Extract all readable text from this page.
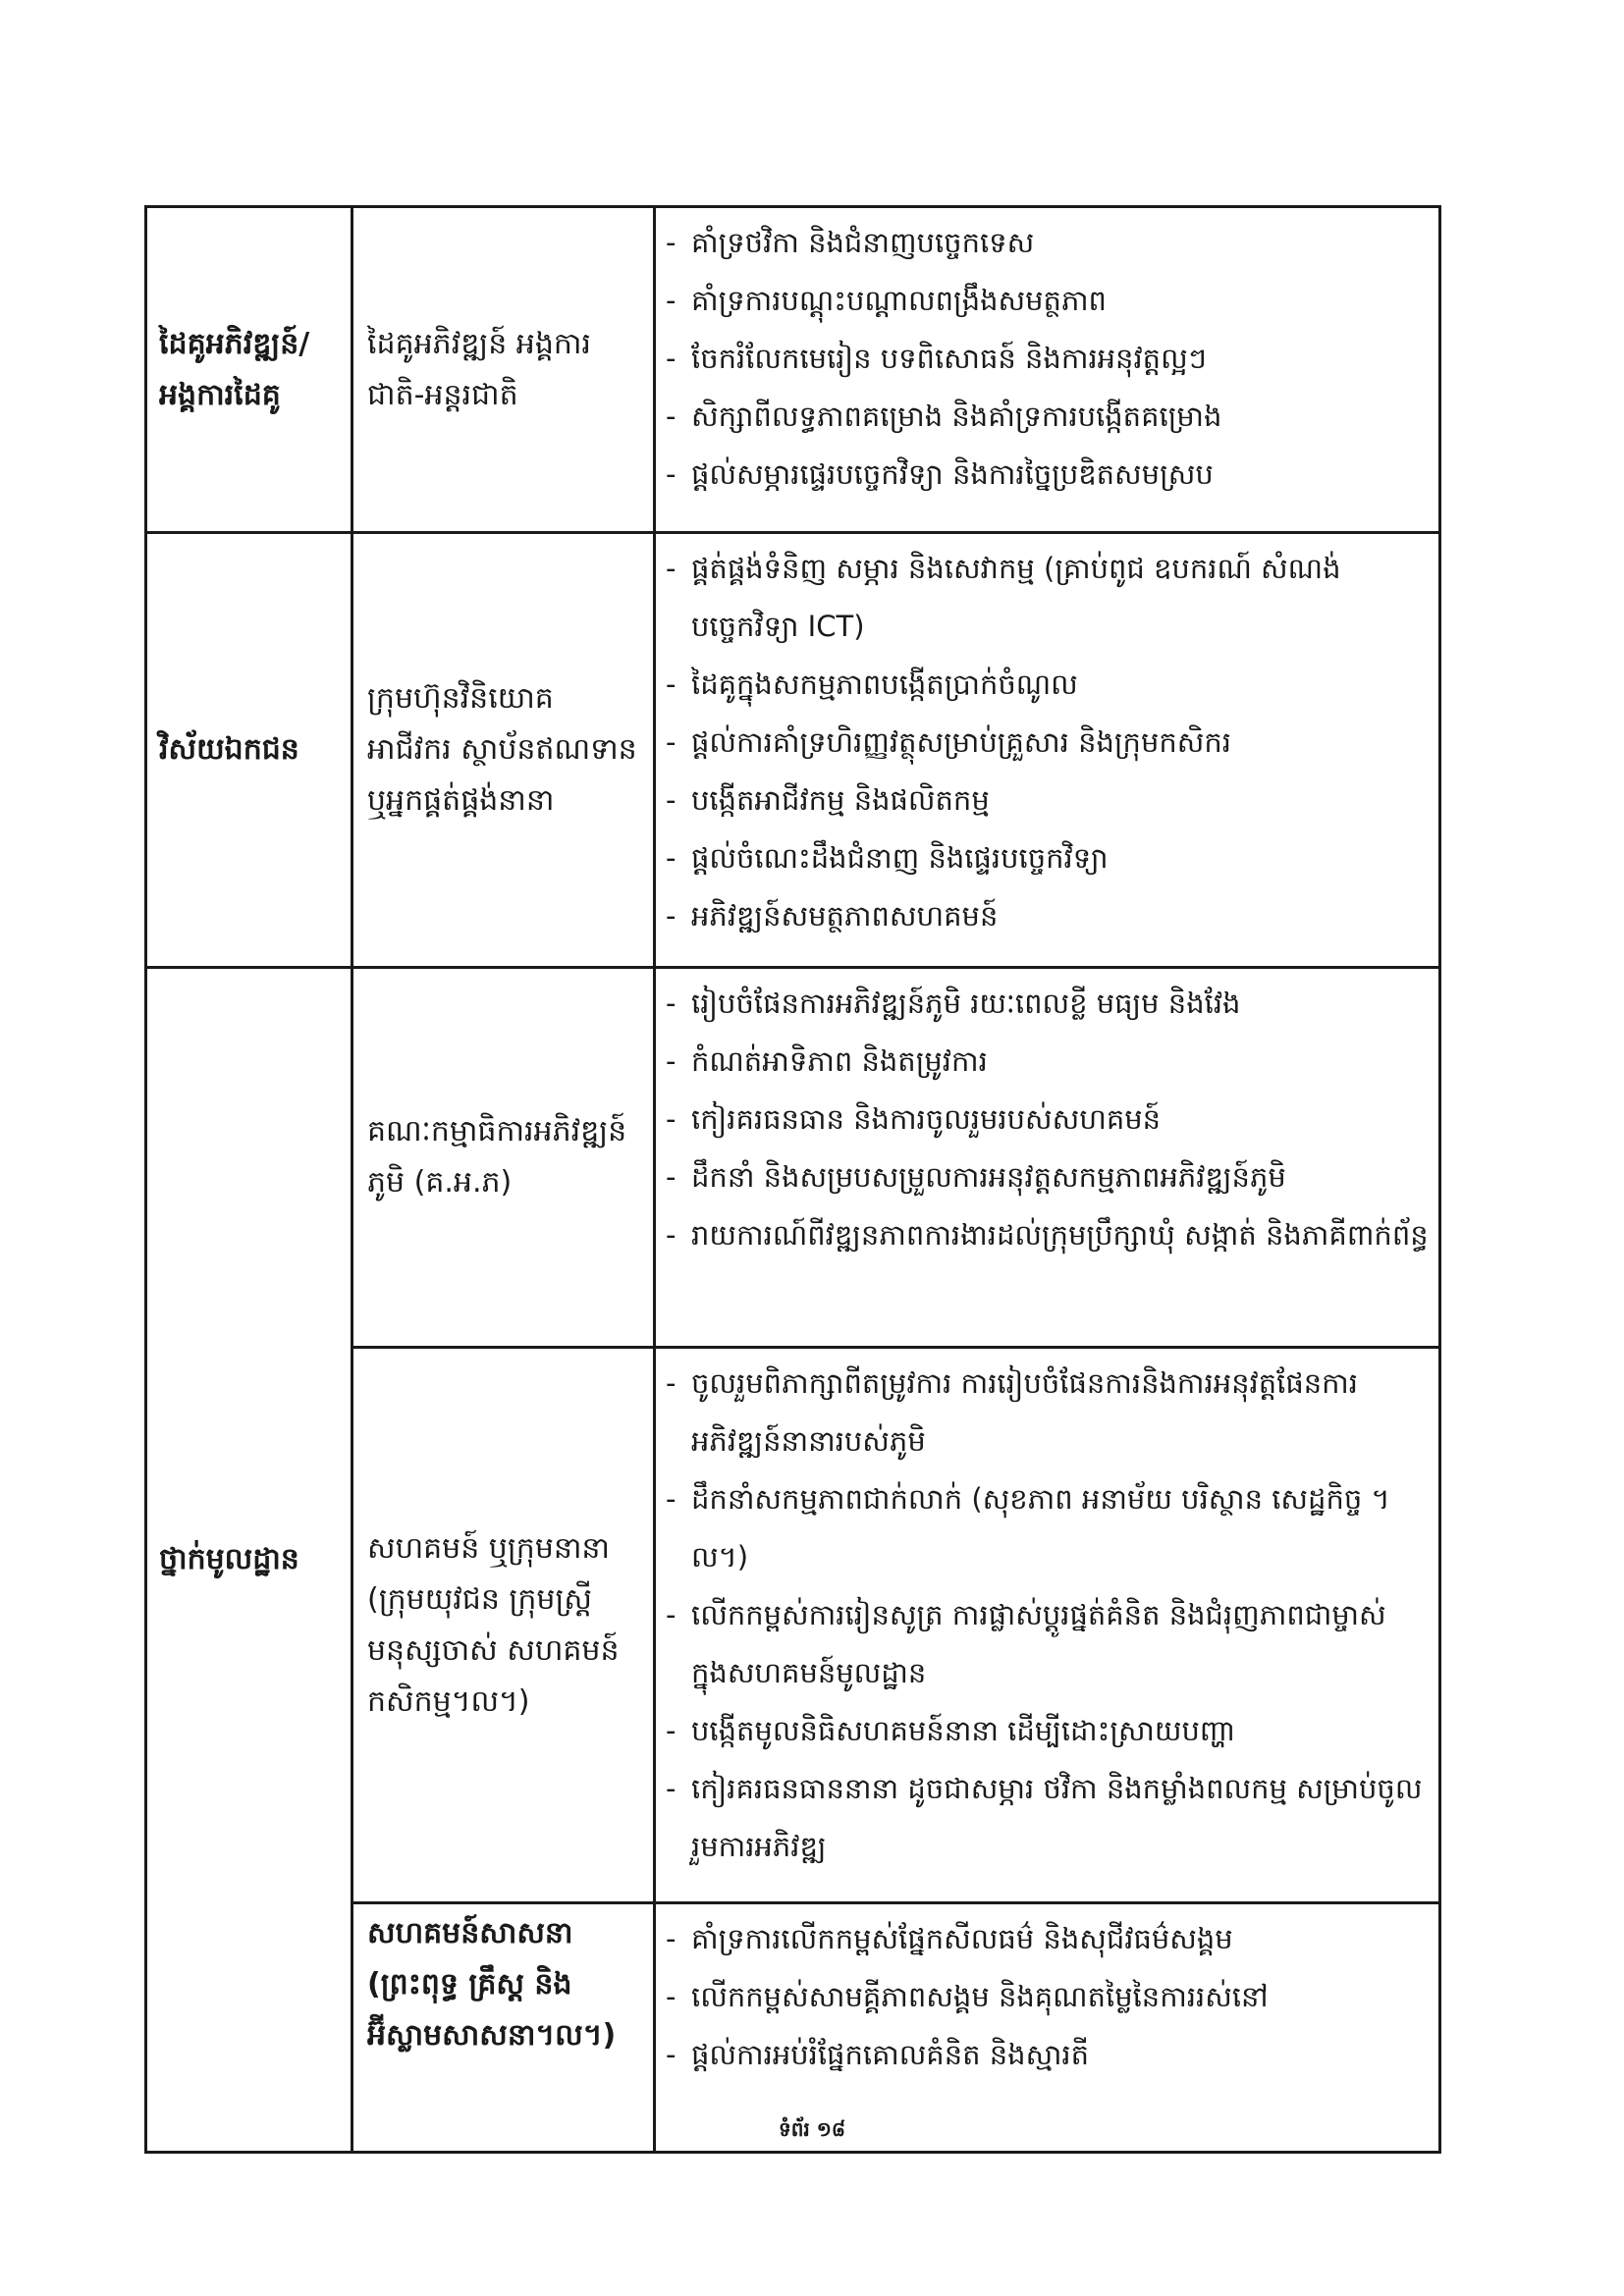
ដៃគូអភិវឌ្ឍន៍/ អង្គការដៃគូ	ដៃគូអភិវឌ្ឍន៍ អង្គការជាតិ-អន្តរជាតិ	
- គាំទ្រថវិកា និងជំនាញបច្ចេកទេស
- គាំទ្រការបណ្តុះបណ្តាលពង្រឹងសមត្ថភាព
- ចែករំលែកមេរៀន បទពិសោធន៍ និងការអនុវត្តល្អៗ
- សិក្សាពីលទ្ធភាពគម្រោង និងគាំទ្រការបង្កើតគម្រោង
- ផ្តល់សម្ភារផ្ទេរបច្ចេកវិទ្យា និងការច្នៃប្រឌិតសមស្រប

វិស័យឯកជន	ក្រុមហ៊ុនវិនិយោគ អាជីវករ ស្ថាប័នឥណទាន ឬអ្នកផ្គត់ផ្គង់នានា	
- ផ្គត់ផ្គង់ទំនិញ សម្ភារ និងសេវាកម្ម (គ្រាប់ពូជ ឧបករណ៍ សំណង់ បច្ចេកវិទ្យា ICT)
- ដៃគូក្នុងសកម្មភាពបង្កើតប្រាក់ចំណូល
- ផ្តល់ការគាំទ្រហិរញ្ញវត្ថុសម្រាប់គ្រួសារ និងក្រុមកសិករ
- បង្កើតអាជីវកម្ម និងផលិតកម្ម
- ផ្តល់ចំណេះដឹងជំនាញ និងផ្ទេរបច្ចេកវិទ្យា
- អភិវឌ្ឍន៍សមត្ថភាពសហគមន៍

ថ្នាក់មូលដ្ឋាន	គណៈកម្មាធិការអភិវឌ្ឍន៍ភូមិ (គ.អ.ភ)	
- រៀបចំផែនការអភិវឌ្ឍន៍ភូមិ រយៈពេលខ្លី មធ្យម និងវែង
- កំណត់អាទិភាព និងតម្រូវការ
- កៀរគរធនធាន និងការចូលរួមរបស់សហគមន៍
- ដឹកនាំ និងសម្របសម្រួលការអនុវត្តសកម្មភាពអភិវឌ្ឍន៍ភូមិ
- រាយការណ៍ពីវឌ្ឍនភាពការងារដល់ក្រុមប្រឹក្សាឃុំ សង្កាត់ និងភាគីពាក់ព័ន្ធ

សហគមន៍ ឬក្រុមនានា (ក្រុមយុវជន ក្រុមស្ត្រី មនុស្សចាស់ សហគមន៍កសិកម្ម។ល។)	
- ចូលរួមពិភាក្សាពីតម្រូវការ ការរៀបចំផែនការនិងការអនុវត្តផែនការអភិវឌ្ឍន៍នានារបស់ភូមិ
- ដឹកនាំសកម្មភាពជាក់លាក់ (សុខភាព អនាម័យ បរិស្ថាន សេដ្ឋកិច្ច ។ល។)
- លើកកម្ពស់ការរៀនសូត្រ ការផ្លាស់ប្តូរផ្នត់គំនិត និងជំរុញភាពជាម្ចាស់ក្នុងសហគមន៍មូលដ្ឋាន
- បង្កើតមូលនិធិសហគមន៍នានា ដើម្បីដោះស្រាយបញ្ហា
- កៀរគរធនធាននានា ដូចជាសម្ភារ ថវិកា និងកម្លាំងពលកម្ម សម្រាប់ចូលរួមការអភិវឌ្ឍ

សហគមន៍សាសនា (ព្រះពុទ្ធ គ្រឹស្ត និង អ៊ីស្លាមសាសនា។ល។)	
- គាំទ្រការលើកកម្ពស់ផ្នែកសីលធម៌ និងសុជីវធម៌សង្គម
- លើកកម្ពស់សាមគ្គីភាពសង្គម និងគុណតម្លៃនៃការរស់នៅ
- ផ្តល់ការអប់រំផ្នែកគោលគំនិត និងស្មារតី
ទំព័រ ១៨
